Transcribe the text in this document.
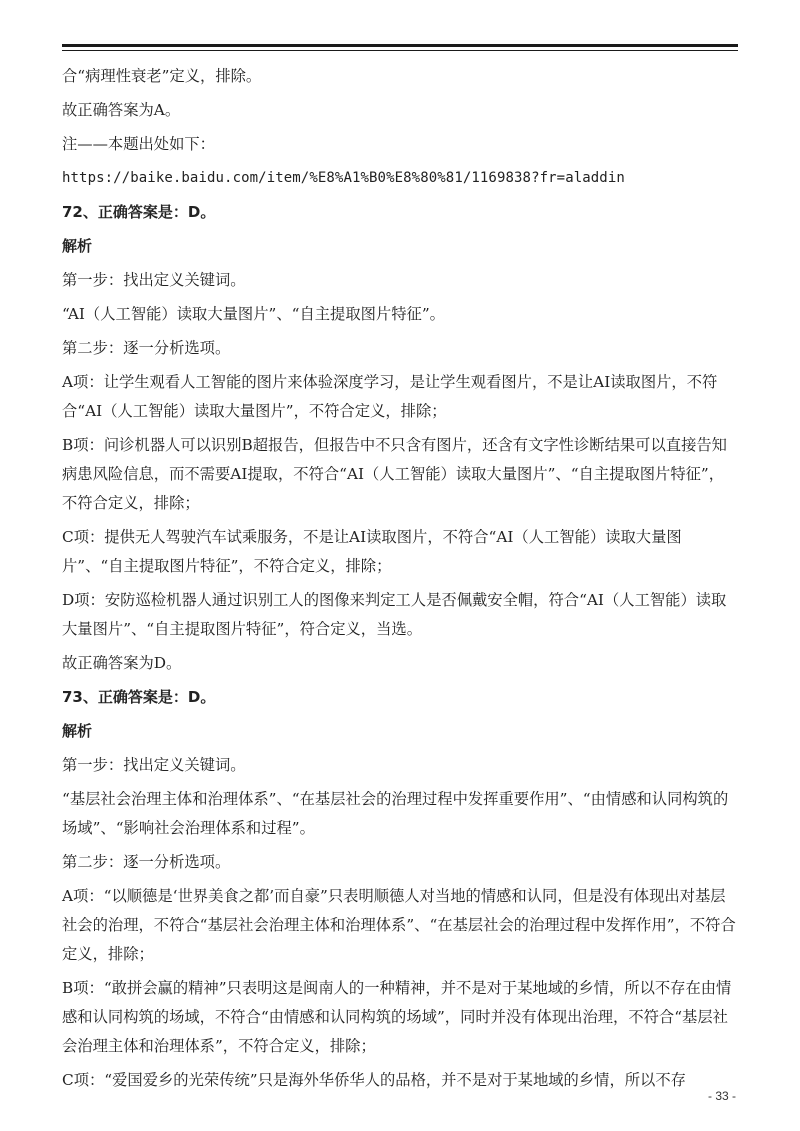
合“病理性衰老”定义，排除。

故正确答案为A。

注——本题出处如下：

https://baike.baidu.com/item/%E8%A1%B0%E8%80%81/1169838?fr=aladdin

72、正确答案是：D。

解析

第一步：找出定义关键词。

“AI（人工智能）读取大量图片”、“自主提取图片特征”。

第二步：逐一分析选项。

A项：让学生观看人工智能的图片来体验深度学习，是让学生观看图片，不是让AI读取图片，不符合“AI（人工智能）读取大量图片”，不符合定义，排除；

B项：问诊机器人可以识别B超报告，但报告中不只含有图片，还含有文字性诊断结果可以直接告知病患风险信息，而不需要AI提取，不符合“AI（人工智能）读取大量图片”、“自主提取图片特征”，不符合定义，排除；

C项：提供无人驾驶汽车试乘服务，不是让AI读取图片，不符合“AI（人工智能）读取大量图片”、“自主提取图片特征”，不符合定义，排除；

D项：安防巡检机器人通过识别工人的图像来判定工人是否佩戴安全帽，符合“AI（人工智能）读取大量图片”、“自主提取图片特征”，符合定义，当选。

故正确答案为D。

73、正确答案是：D。

解析

第一步：找出定义关键词。

“基层社会治理主体和治理体系”、“在基层社会的治理过程中发挥重要作用”、“由情感和认同构筑的场域”、“影响社会治理体系和过程”。

第二步：逐一分析选项。

A项：“以顺德是‘世界美食之都’而自豪”只表明顺德人对当地的情感和认同，但是没有体现出对基层社会的治理，不符合“基层社会治理主体和治理体系”、“在基层社会的治理过程中发挥作用”，不符合定义，排除；

B项：“敢拼会赢的精神”只表明这是闽南人的一种精神，并不是对于某地域的乡情，所以不存在由情感和认同构筑的场域，不符合“由情感和认同构筑的场域”，同时并没有体现出治理，不符合“基层社会治理主体和治理体系”，不符合定义，排除；

C项：“爱国爱乡的光荣传统”只是海外华侨华人的品格，并不是对于某地域的乡情，所以不存

- 33 -
